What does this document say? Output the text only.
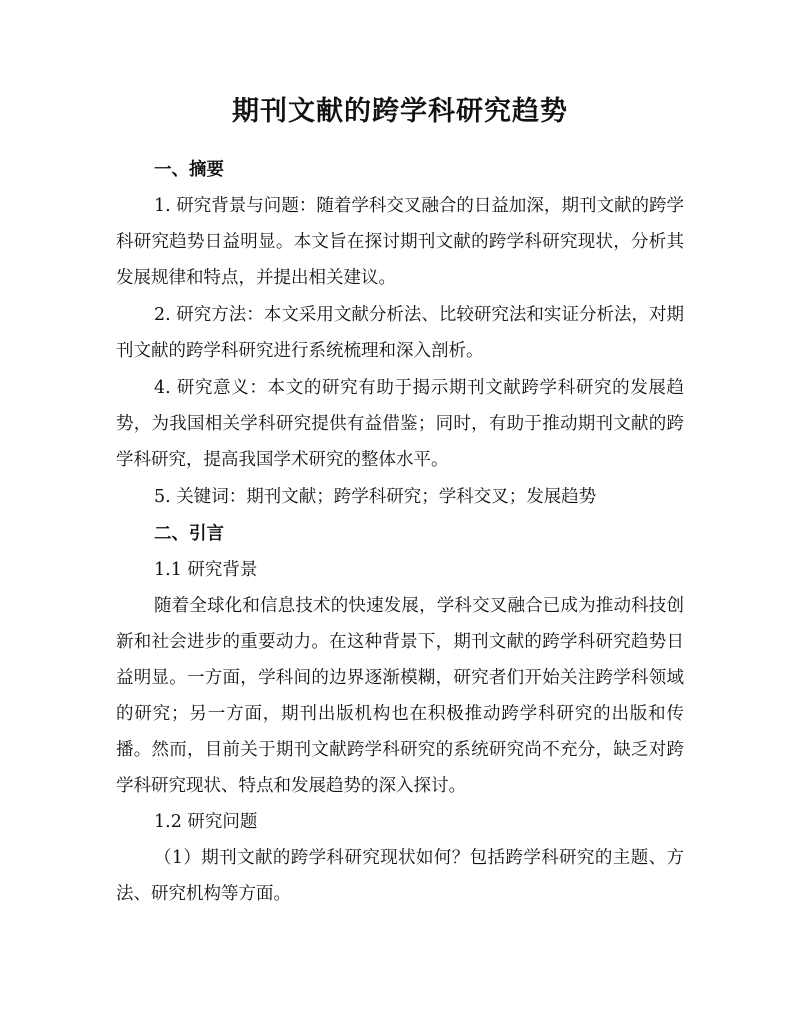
期刊文献的跨学科研究趋势

一、摘要

1. 研究背景与问题：随着学科交叉融合的日益加深，期刊文献的跨学科研究趋势日益明显。本文旨在探讨期刊文献的跨学科研究现状，分析其发展规律和特点，并提出相关建议。

2. 研究方法：本文采用文献分析法、比较研究法和实证分析法，对期刊文献的跨学科研究进行系统梳理和深入剖析。

4. 研究意义：本文的研究有助于揭示期刊文献跨学科研究的发展趋势，为我国相关学科研究提供有益借鉴；同时，有助于推动期刊文献的跨学科研究，提高我国学术研究的整体水平。

5. 关键词：期刊文献；跨学科研究；学科交叉；发展趋势

二、引言

1.1 研究背景

随着全球化和信息技术的快速发展，学科交叉融合已成为推动科技创新和社会进步的重要动力。在这种背景下，期刊文献的跨学科研究趋势日益明显。一方面，学科间的边界逐渐模糊，研究者们开始关注跨学科领域的研究；另一方面，期刊出版机构也在积极推动跨学科研究的出版和传播。然而，目前关于期刊文献跨学科研究的系统研究尚不充分，缺乏对跨学科研究现状、特点和发展趋势的深入探讨。

1.2 研究问题

（1）期刊文献的跨学科研究现状如何？包括跨学科研究的主题、方法、研究机构等方面。
